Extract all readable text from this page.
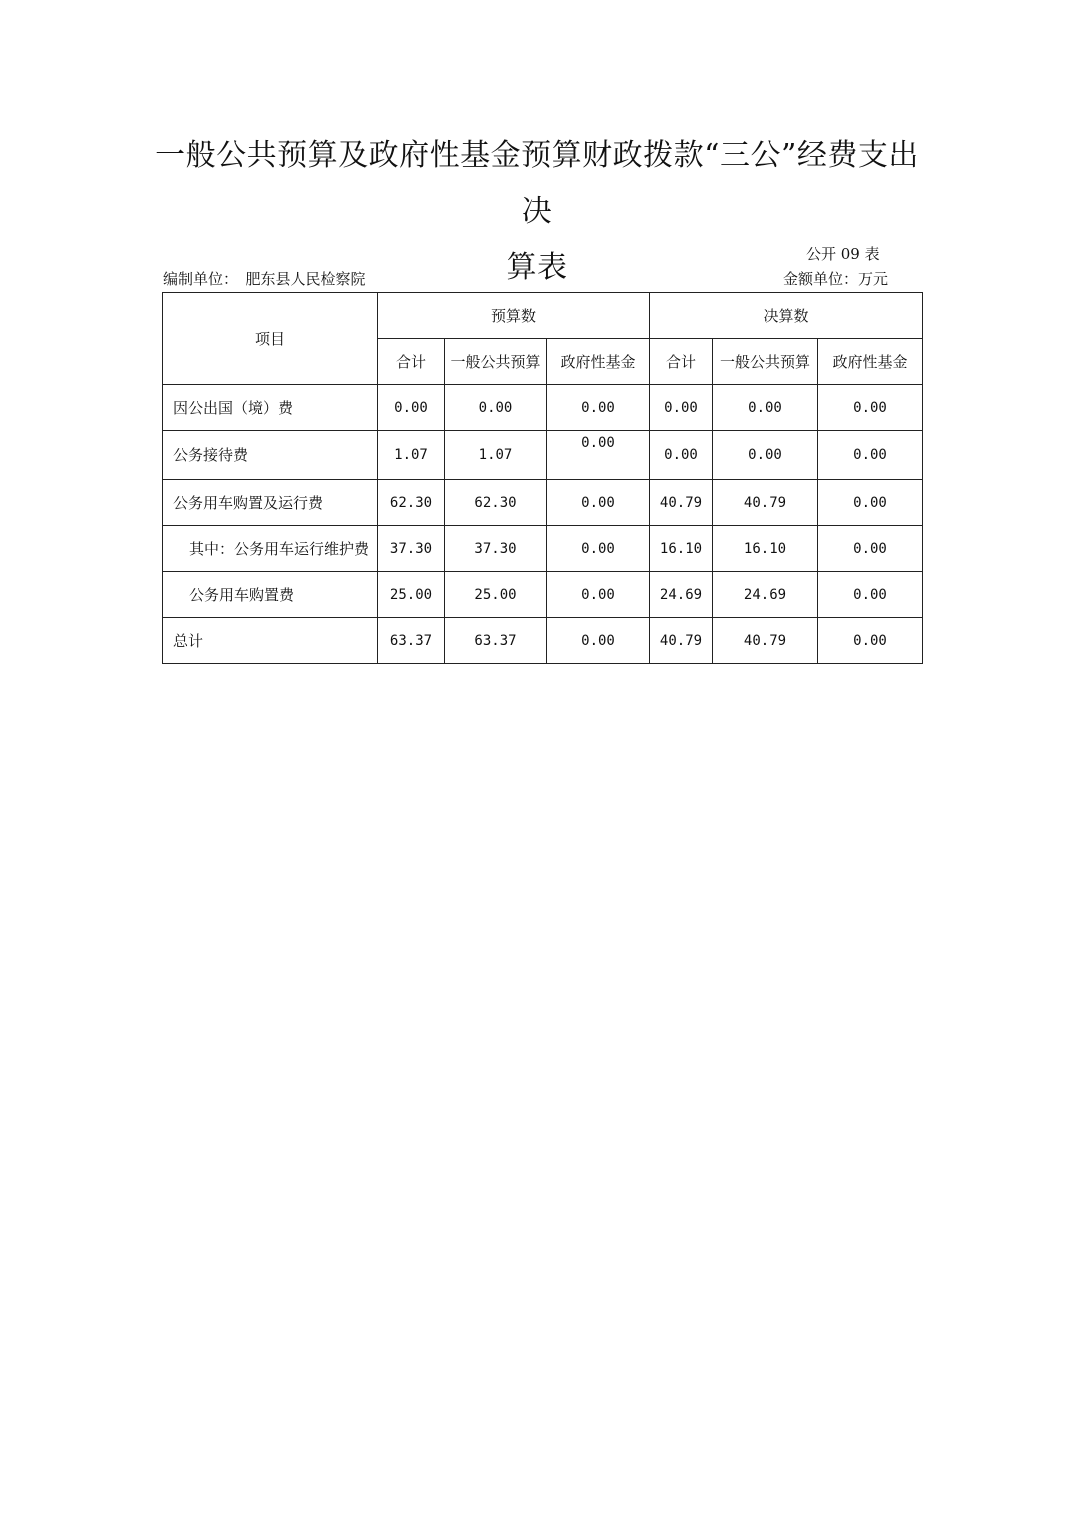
一般公共预算及政府性基金预算财政拨款“三公”经费支出决
算表	公开 09 表
编制单位：　肥东县人民检察院	金额单位：万元
项目	预算数			决算数		
	合计	一般公共预算	政府性基金	合计	一般公共预算	政府性基金
因公出国（境）费	0.00	0.00	0.00	0.00	0.00	0.00
公务接待费	1.07	1.07	0.00	0.00	0.00	0.00
公务用车购置及运行费	62.30	62.30	0.00	40.79	40.79	0.00
其中：公务用车运行维护费	37.30	37.30	0.00	16.10	16.10	0.00
公务用车购置费	25.00	25.00	0.00	24.69	24.69	0.00
总计	63.37	63.37	0.00	40.79	40.79	0.00
